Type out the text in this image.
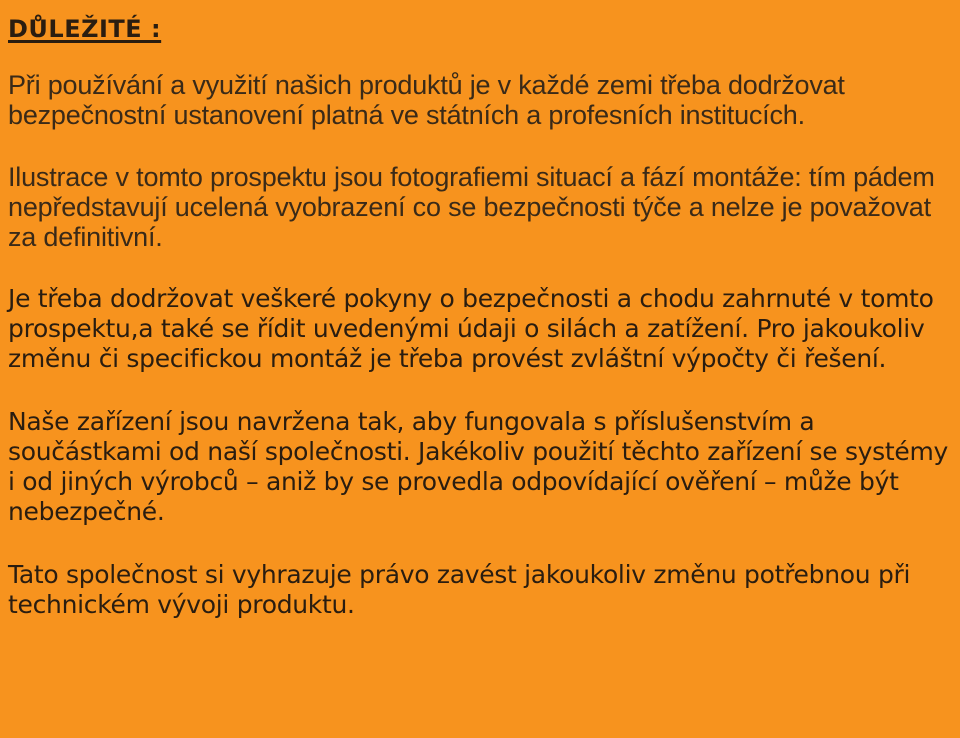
DŮLEŽITÉ :

Při používání a využití našich produktů je v každé zemi třeba dodržovat bezpečnostní ustanovení platná ve státních a profesních institucích.

Ilustrace v tomto prospektu jsou fotografiemi situací a fází montáže: tím pádem nepředstavují ucelená vyobrazení co se bezpečnosti týče a nelze je považovat za definitivní.

Je třeba dodržovat veškeré pokyny o bezpečnosti a chodu zahrnuté v tomto prospektu,a také se řídit uvedenými údaji o silách a zatížení. Pro jakoukoliv změnu či specifickou montáž je třeba provést zvláštní výpočty či řešení.

Naše zařízení jsou navržena tak, aby fungovala s příslušenstvím a součástkami od naší společnosti. Jakékoliv použití těchto zařízení se systémy i od jiných výrobců – aniž by se provedla odpovídající ověření – může být nebezpečné.

Tato společnost si vyhrazuje právo zavést jakoukoliv změnu potřebnou při technickém vývoji produktu.
